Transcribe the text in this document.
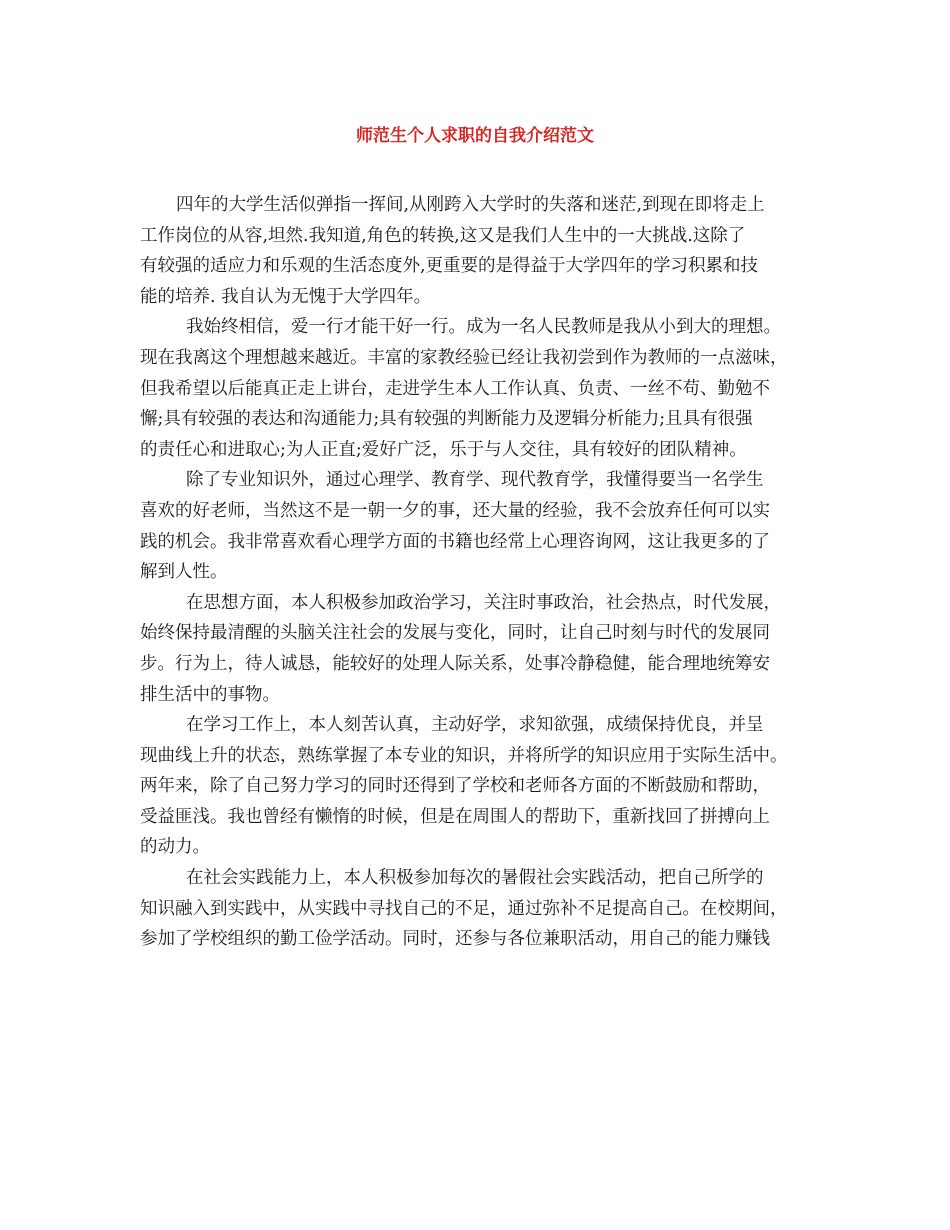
师范生个人求职的自我介绍范文

四年的大学生活似弹指一挥间,从刚跨入大学时的失落和迷茫,到现在即将走上
工作岗位的从容,坦然.我知道,角色的转换,这又是我们人生中的一大挑战.这除了
有较强的适应力和乐观的生活态度外,更重要的是得益于大学四年的学习积累和技
能的培养. 我自认为无愧于大学四年。

我始终相信，爱一行才能干好一行。成为一名人民教师是我从小到大的理想。
现在我离这个理想越来越近。丰富的家教经验已经让我初尝到作为教师的一点滋味，
但我希望以后能真正走上讲台，走进学生本人工作认真、负责、一丝不苟、勤勉不
懈;具有较强的表达和沟通能力;具有较强的判断能力及逻辑分析能力;且具有很强
的责任心和进取心;为人正直;爱好广泛，乐于与人交往，具有较好的团队精神。

除了专业知识外，通过心理学、教育学、现代教育学，我懂得要当一名学生
喜欢的好老师，当然这不是一朝一夕的事，还大量的经验，我不会放弃任何可以实
践的机会。我非常喜欢看心理学方面的书籍也经常上心理咨询网，这让我更多的了
解到人性。

在思想方面，本人积极参加政治学习，关注时事政治，社会热点，时代发展，
始终保持最清醒的头脑关注社会的发展与变化，同时，让自己时刻与时代的发展同
步。行为上，待人诚恳，能较好的处理人际关系，处事冷静稳健，能合理地统筹安
排生活中的事物。

在学习工作上，本人刻苦认真，主动好学，求知欲强，成绩保持优良，并呈
现曲线上升的状态，熟练掌握了本专业的知识，并将所学的知识应用于实际生活中。
两年来，除了自己努力学习的同时还得到了学校和老师各方面的不断鼓励和帮助，
受益匪浅。我也曾经有懒惰的时候，但是在周围人的帮助下，重新找回了拼搏向上
的动力。

在社会实践能力上，本人积极参加每次的暑假社会实践活动，把自己所学的
知识融入到实践中，从实践中寻找自己的不足，通过弥补不足提高自己。在校期间，
参加了学校组织的勤工俭学活动。同时，还参与各位兼职活动，用自己的能力赚钱
